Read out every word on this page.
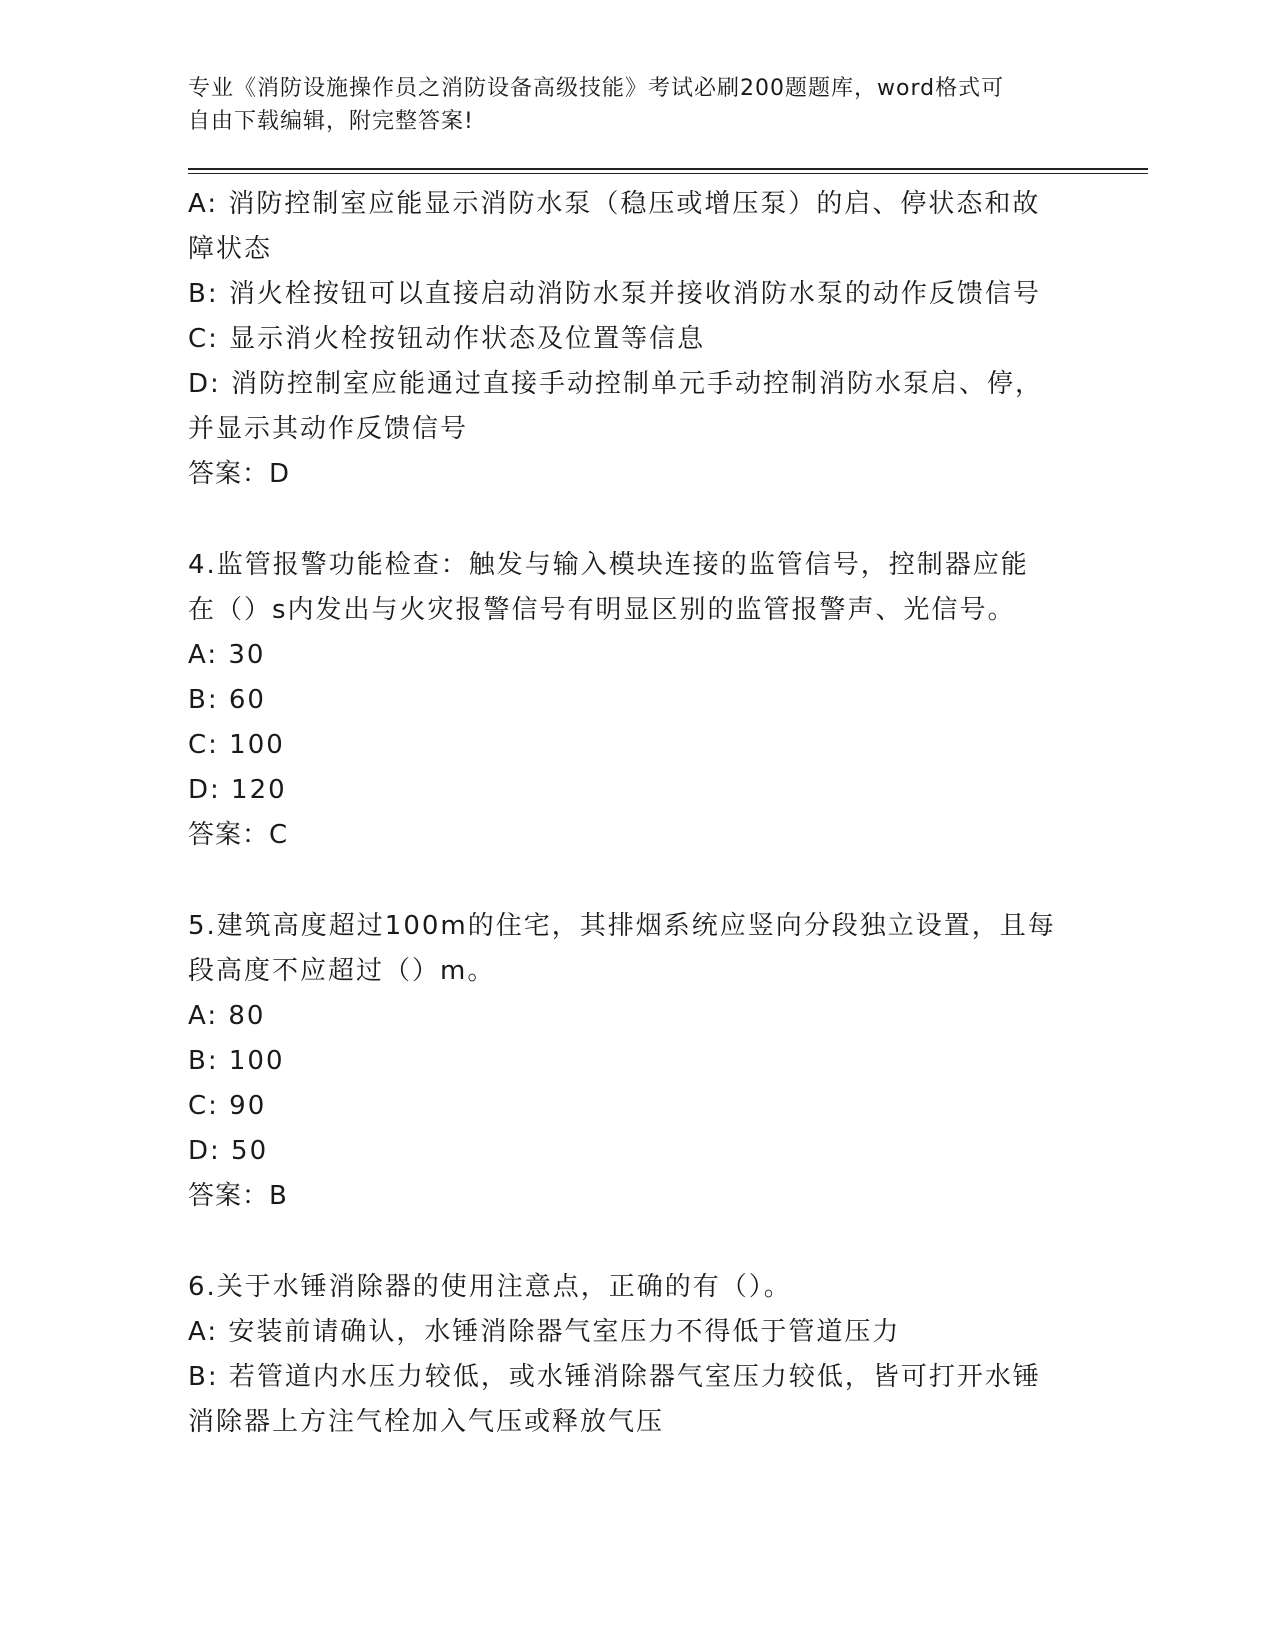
专业《消防设施操作员之消防设备高级技能》考试必刷200题题库，word格式可
自由下载编辑，附完整答案!
A: 消防控制室应能显示消防水泵（稳压或增压泵）的启、停状态和故
障状态
B: 消火栓按钮可以直接启动消防水泵并接收消防水泵的动作反馈信号
C: 显示消火栓按钮动作状态及位置等信息
D: 消防控制室应能通过直接手动控制单元手动控制消防水泵启、停，
并显示其动作反馈信号
答案：D
4.监管报警功能检查：触发与输入模块连接的监管信号，控制器应能
在（）s内发出与火灾报警信号有明显区别的监管报警声、光信号。
A: 30
B: 60
C: 100
D: 120
答案：C
5.建筑高度超过100m的住宅，其排烟系统应竖向分段独立设置，且每
段高度不应超过（）m。
A: 80
B: 100
C: 90
D: 50
答案：B
6.关于水锤消除器的使用注意点，正确的有（）。
A: 安装前请确认，水锤消除器气室压力不得低于管道压力
B: 若管道内水压力较低，或水锤消除器气室压力较低，皆可打开水锤
消除器上方注气栓加入气压或释放气压
